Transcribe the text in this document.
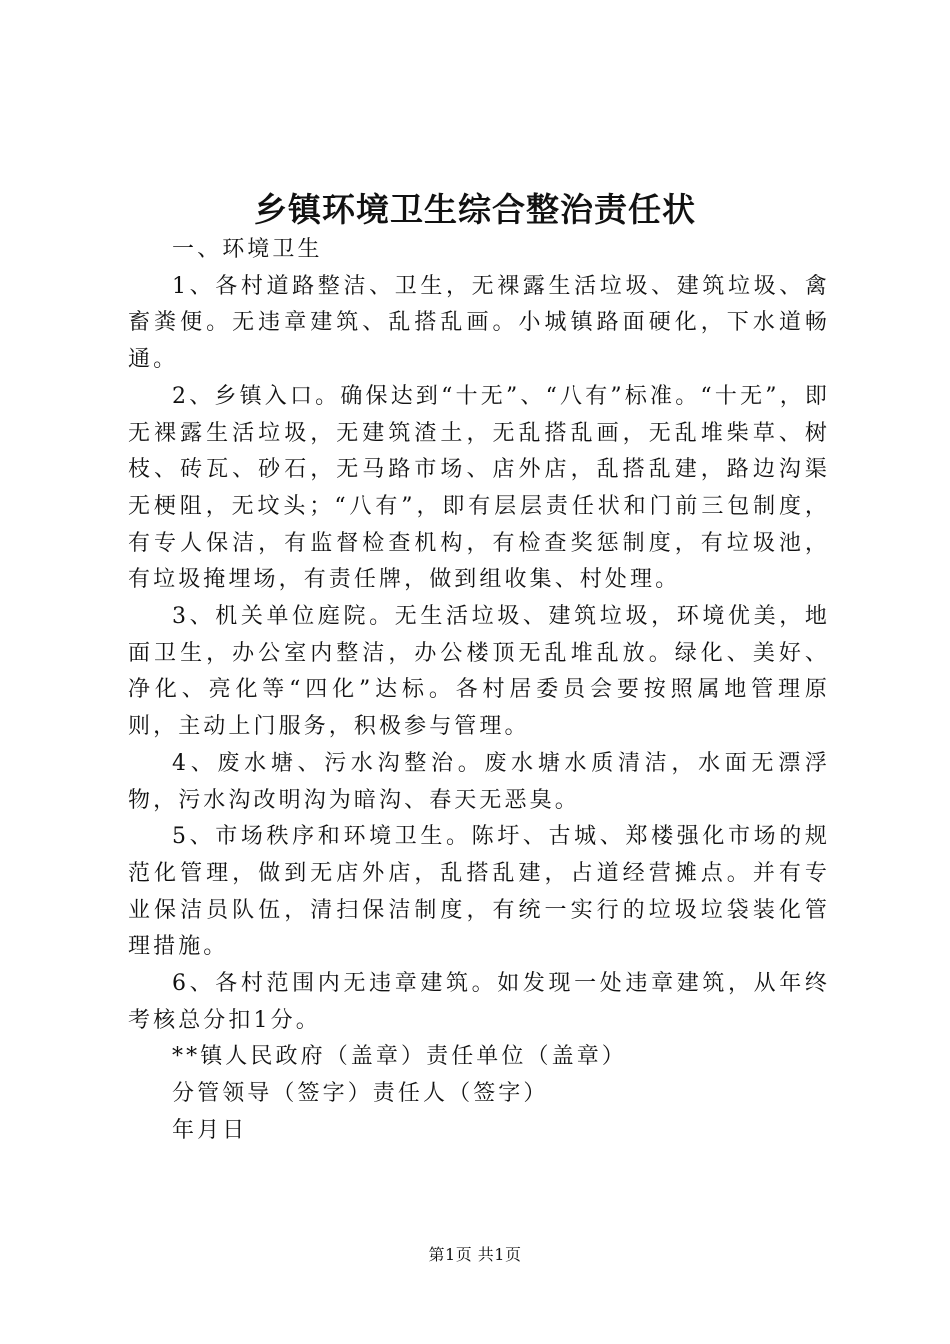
乡镇环境卫生综合整治责任状

一、环境卫生

1、各村道路整洁、卫生，无裸露生活垃圾、建筑垃圾、禽畜粪便。无违章建筑、乱搭乱画。小城镇路面硬化，下水道畅通。

2、乡镇入口。确保达到“十无”、“八有”标准。“十无”，即无裸露生活垃圾，无建筑渣土，无乱搭乱画，无乱堆柴草、树枝、砖瓦、砂石，无马路市场、店外店，乱搭乱建，路边沟渠无梗阻，无坟头；“八有”，即有层层责任状和门前三包制度，有专人保洁，有监督检查机构，有检查奖惩制度，有垃圾池，有垃圾掩埋场，有责任牌，做到组收集、村处理。

3、机关单位庭院。无生活垃圾、建筑垃圾，环境优美，地面卫生，办公室内整洁，办公楼顶无乱堆乱放。绿化、美好、净化、亮化等“四化”达标。各村居委员会要按照属地管理原则，主动上门服务，积极参与管理。

4、废水塘、污水沟整治。废水塘水质清洁，水面无漂浮物，污水沟改明沟为暗沟、春天无恶臭。

5、市场秩序和环境卫生。陈圩、古城、郑楼强化市场的规范化管理，做到无店外店，乱搭乱建，占道经营摊点。并有专业保洁员队伍，清扫保洁制度，有统一实行的垃圾垃袋装化管理措施。

6、各村范围内无违章建筑。如发现一处违章建筑，从年终考核总分扣1分。

**镇人民政府（盖章）责任单位（盖章）

分管领导（签字）责任人（签字）

年月日

第1页 共1页
